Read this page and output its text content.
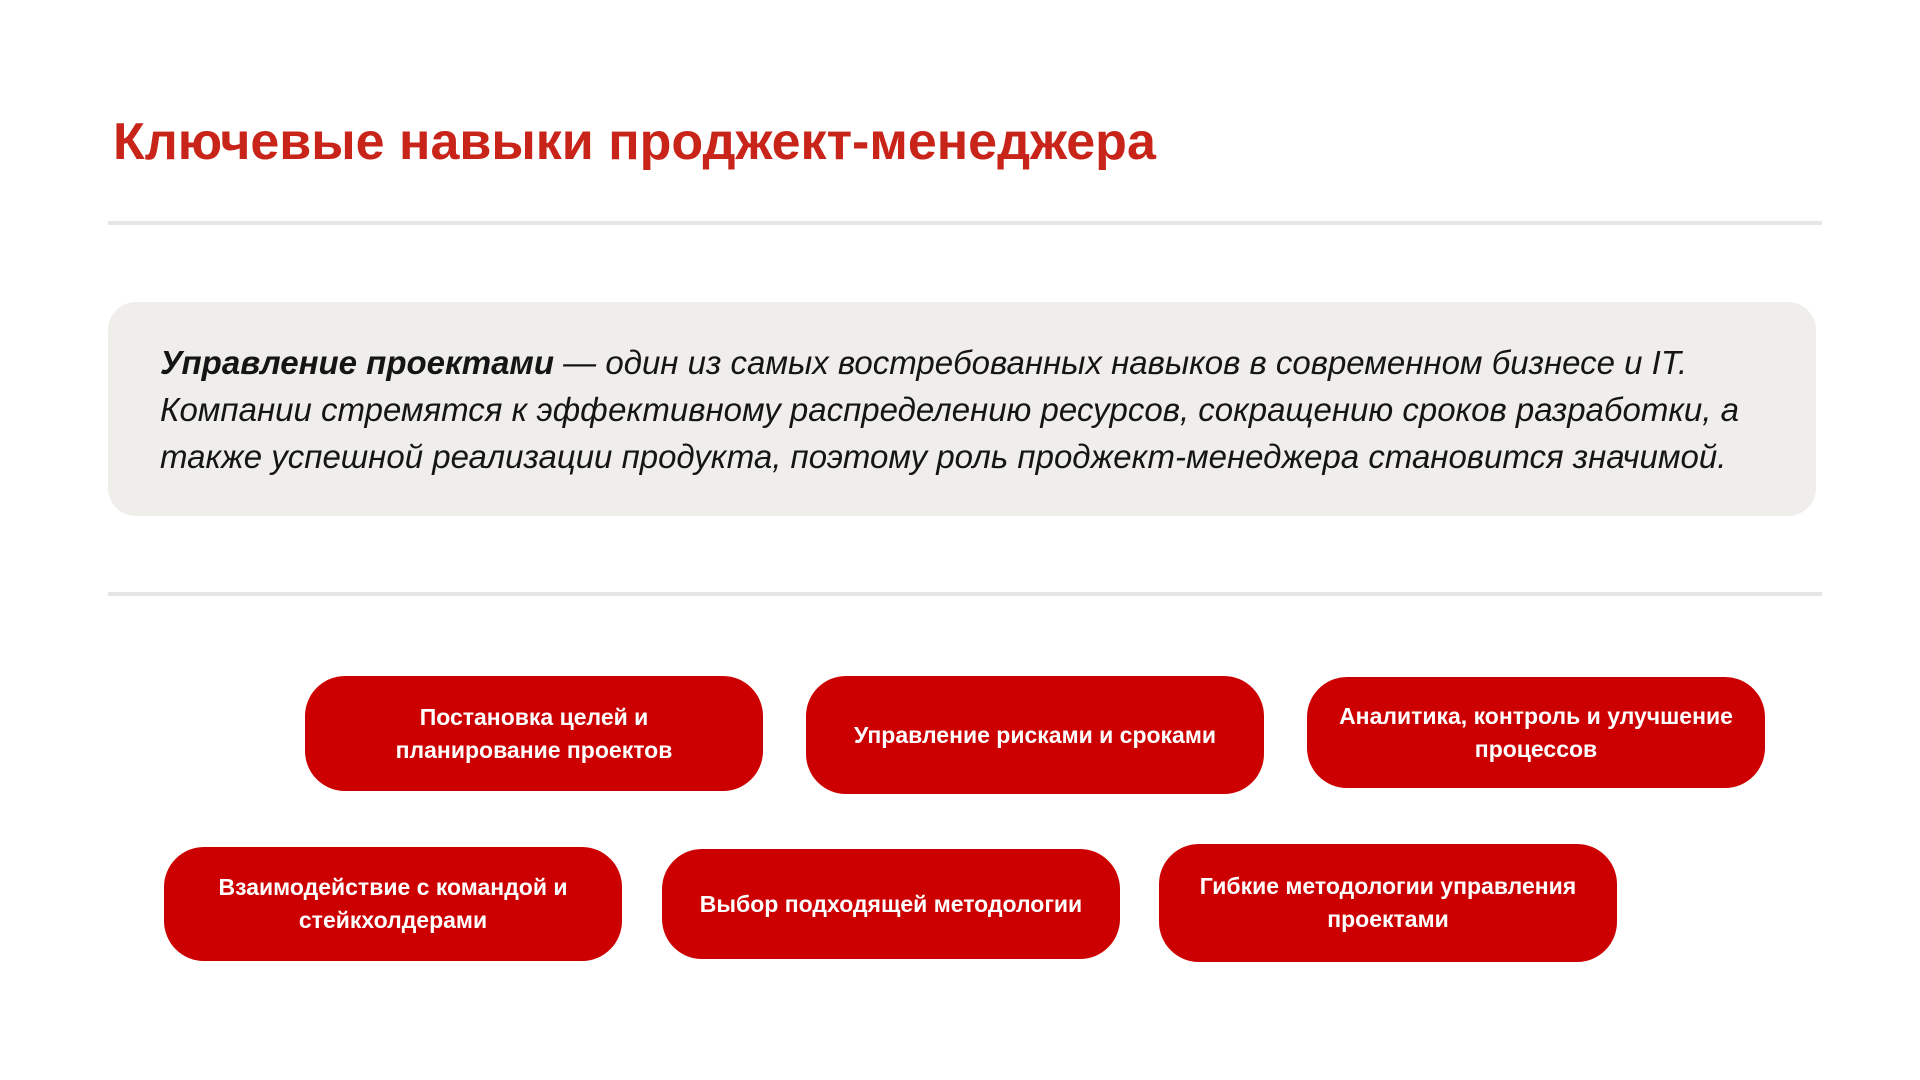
Ключевые навыки проджект-менеджера

Управление проектами — один из самых востребованных навыков в современном бизнесе и IT. Компании стремятся к эффективному распределению ресурсов, сокращению сроков разработки, а также успешной реализации продукта, поэтому роль проджект-менеджера становится значимой.

Постановка целей и планирование проектов
Управление рисками и сроками
Аналитика, контроль и улучшение процессов
Взаимодействие с командой и стейкхолдерами
Выбор подходящей методологии
Гибкие методологии управления проектами
